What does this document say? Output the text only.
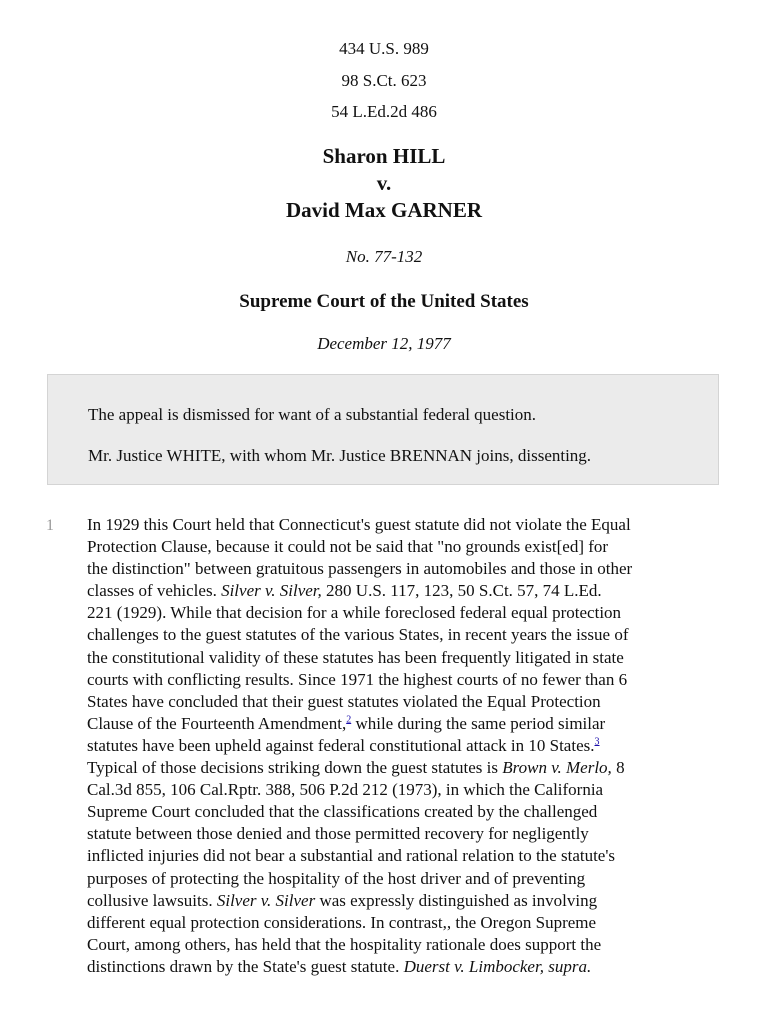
434 U.S. 989
98 S.Ct. 623
54 L.Ed.2d 486
Sharon HILL
v.
David Max GARNER
No. 77-132
Supreme Court of the United States
December 12, 1977
The appeal is dismissed for want of a substantial federal question.
Mr. Justice WHITE, with whom Mr. Justice BRENNAN joins, dissenting.
1 In 1929 this Court held that Connecticut's guest statute did not violate the Equal
Protection Clause, because it could not be said that "no grounds exist[ed] for
the distinction" between gratuitous passengers in automobiles and those in other
classes of vehicles. Silver v. Silver, 280 U.S. 117, 123, 50 S.Ct. 57, 74 L.Ed.
221 (1929). While that decision for a while foreclosed federal equal protection
challenges to the guest statutes of the various States, in recent years the issue of
the constitutional validity of these statutes has been frequently litigated in state
courts with conflicting results. Since 1971 the highest courts of no fewer than 6
States have concluded that their guest statutes violated the Equal Protection
Clause of the Fourteenth Amendment,$^2$ while during the same period similar
statutes have been upheld against federal constitutional attack in 10 States.$^3$
Typical of those decisions striking down the guest statutes is Brown v. Merlo, 8
Cal.3d 855, 106 Cal.Rptr. 388, 506 P.2d 212 (1973), in which the California
Supreme Court concluded that the classifications created by the challenged
statute between those denied and those permitted recovery for negligently
inflicted injuries did not bear a substantial and rational relation to the statute's
purposes of protecting the hospitality of the host driver and of preventing
collusive lawsuits. Silver v. Silver was expressly distinguished as involving
different equal protection considerations. In contrast,, the Oregon Supreme
Court, among others, has held that the hospitality rationale does support the
distinctions drawn by the State's guest statute. Duerst v. Limbocker, supra.
